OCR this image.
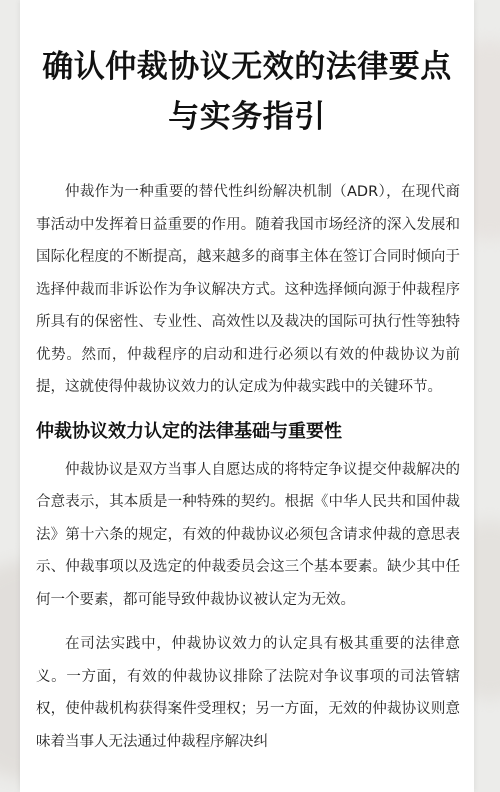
确认仲裁协议无效的法律要点
与实务指引

仲裁作为一种重要的替代性纠纷解决机制（ADR），在现代商事活动中发挥着日益重要的作用。随着我国市场经济的深入发展和国际化程度的不断提高，越来越多的商事主体在签订合同时倾向于选择仲裁而非诉讼作为争议解决方式。这种选择倾向源于仲裁程序所具有的保密性、专业性、高效性以及裁决的国际可执行性等独特优势。然而，仲裁程序的启动和进行必须以有效的仲裁协议为前提，这就使得仲裁协议效力的认定成为仲裁实践中的关键环节。

仲裁协议效力认定的法律基础与重要性

仲裁协议是双方当事人自愿达成的将特定争议提交仲裁解决的合意表示，其本质是一种特殊的契约。根据《中华人民共和国仲裁法》第十六条的规定，有效的仲裁协议必须包含请求仲裁的意思表示、仲裁事项以及选定的仲裁委员会这三个基本要素。缺少其中任何一个要素，都可能导致仲裁协议被认定为无效。

在司法实践中，仲裁协议效力的认定具有极其重要的法律意义。一方面，有效的仲裁协议排除了法院对争议事项的司法管辖权，使仲裁机构获得案件受理权；另一方面，无效的仲裁协议则意味着当事人无法通过仲裁程序解决纠
